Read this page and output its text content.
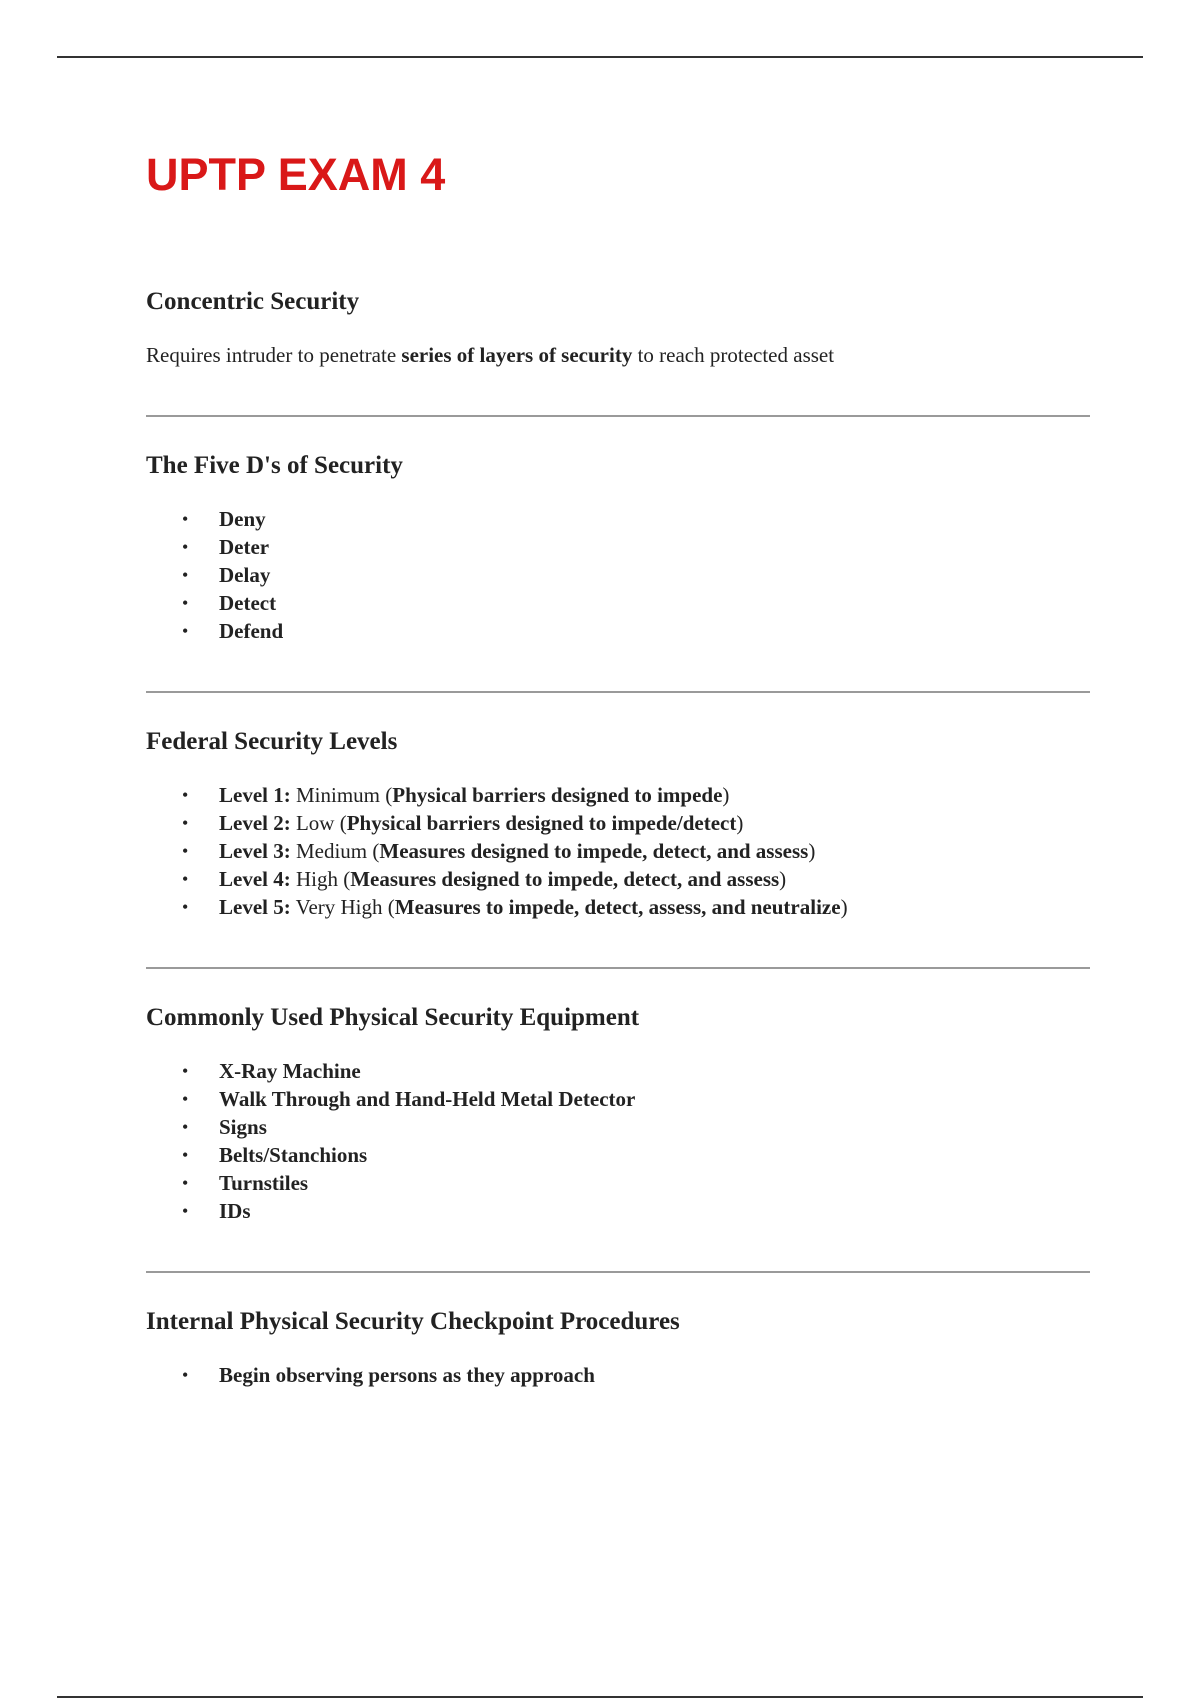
UPTP EXAM 4
Concentric Security

Requires intruder to penetrate series of layers of security to reach protected asset

The Five D's of Security
• Deny
• Deter
• Delay
• Detect
• Defend
Federal Security Levels
• Level 1: Minimum (Physical barriers designed to impede)
• Level 2: Low (Physical barriers designed to impede/detect)
• Level 3: Medium (Measures designed to impede, detect, and assess)
• Level 4: High (Measures designed to impede, detect, and assess)
• Level 5: Very High (Measures to impede, detect, assess, and neutralize)
Commonly Used Physical Security Equipment
• X-Ray Machine
• Walk Through and Hand-Held Metal Detector
• Signs
• Belts/Stanchions
• Turnstiles
• IDs
Internal Physical Security Checkpoint Procedures
• Begin observing persons as they approach
